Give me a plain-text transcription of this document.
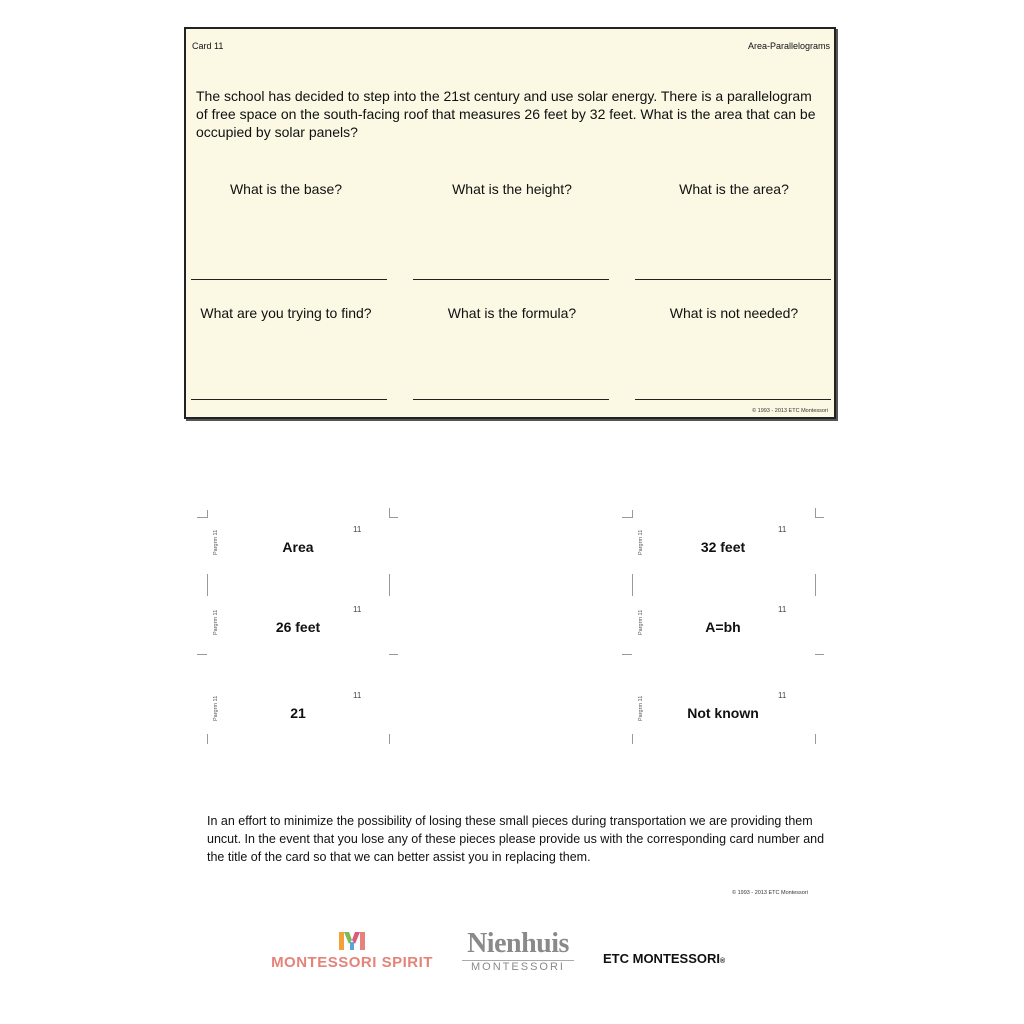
Card 11	Area-Parallelograms

The school has decided to step into the 21st century and use solar energy. There is a parallelogram of free space on the south-facing roof that measures 26 feet by 32 feet. What is the area that can be occupied by solar panels?

What is the base?	What is the height?	What is the area?
What are you trying to find?	What is the formula?	What is not needed?
© 1993 - 2013 ETC Montessori
11
Pargrm 11	Area
11
Pargrm 11	26 feet
11
Pargrm 11	21
11
Pargrm 11	32 feet
11
Pargrm 11	A=bh
11
Pargrm 11	Not known

In an effort to minimize the possibility of losing these small pieces during transportation we are providing them uncut. In the event that you lose any of these pieces please provide us with the corresponding card number and the title of the card so that we can better assist you in replacing them.

© 1993 - 2013 ETC Montessori
MONTESSORI SPIRIT
Nienhuis
MONTESSORI
ETC MONTESSORI®
